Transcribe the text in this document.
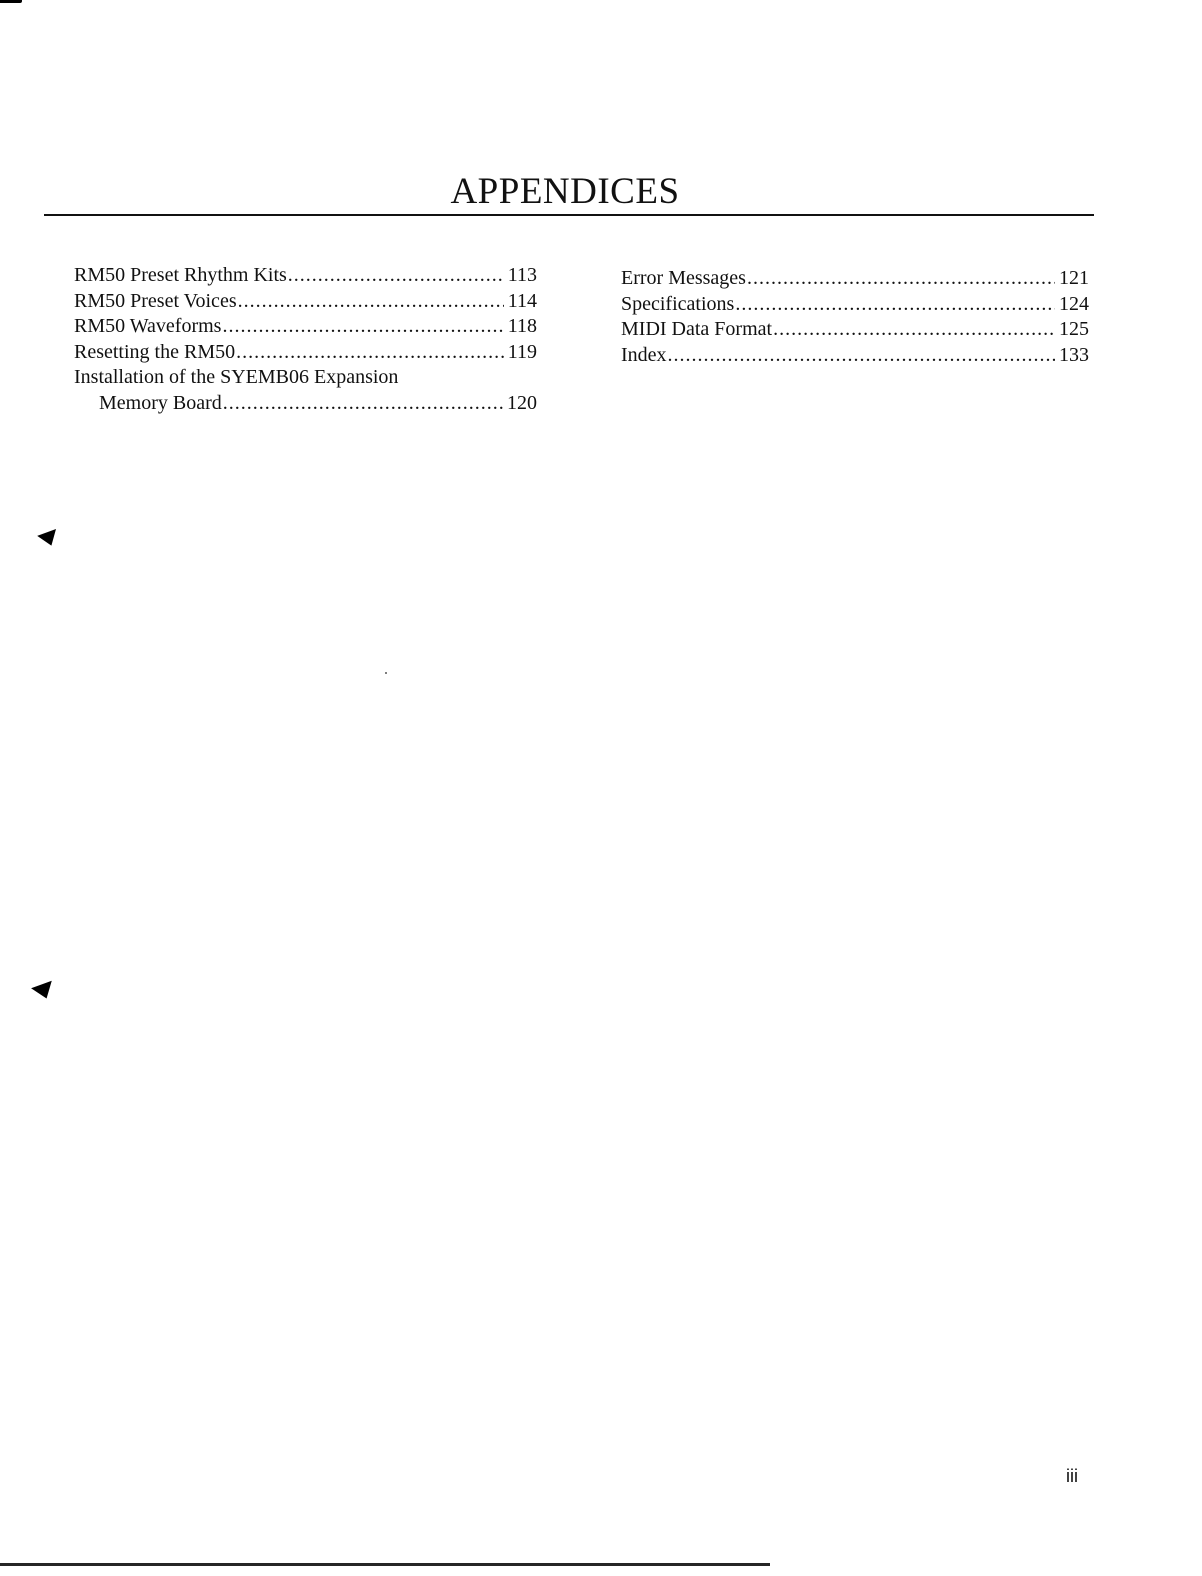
APPENDICES
RM50 Preset Rhythm Kits .....	113
RM50 Preset Voices .....	114
RM50 Waveforms .....	118
Resetting the RM50 .....	119
Installation of the SYEMB06 Expansion
Memory Board .....	120
Error Messages .....	121
Specifications .....	124
MIDI Data Format .....	125
Index .....	133
iii
